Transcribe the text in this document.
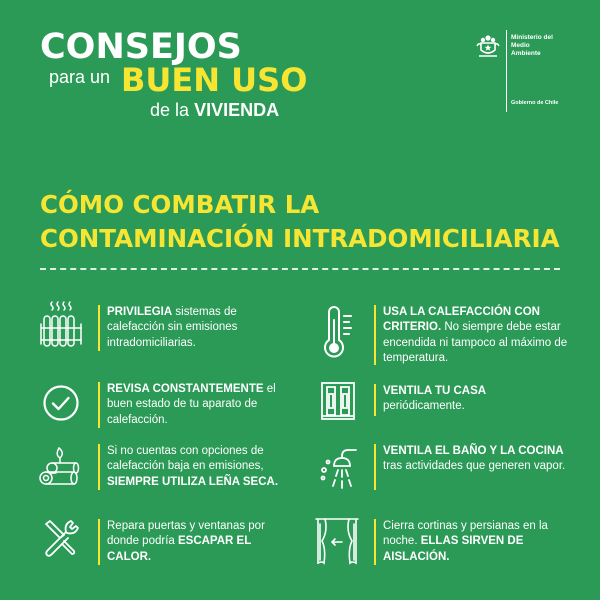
CONSEJOS
para un BUEN USO
de la VIVIENDA
Ministerio del
Medio
Ambiente
Gobierno de Chile
CÓMO COMBATIR LA
CONTAMINACIÓN INTRADOMICILIARIA
PRIVILEGIA sistemas de calefacción sin emisiones intradomiciliarias.
REVISA CONSTANTEMENTE el buen estado de tu aparato de calefacción.
Si no cuentas con opciones de calefacción baja en emisiones, SIEMPRE UTILIZA LEÑA SECA.
Repara puertas y ventanas por donde podría ESCAPAR EL CALOR.
USA LA CALEFACCIÓN CON CRITERIO. No siempre debe estar encendida ni tampoco al máximo de temperatura.
VENTILA TU CASA periódicamente.
VENTILA EL BAÑO Y LA COCINA tras actividades que generen vapor.
Cierra cortinas y persianas en la noche. ELLAS SIRVEN DE AISLACIÓN.
